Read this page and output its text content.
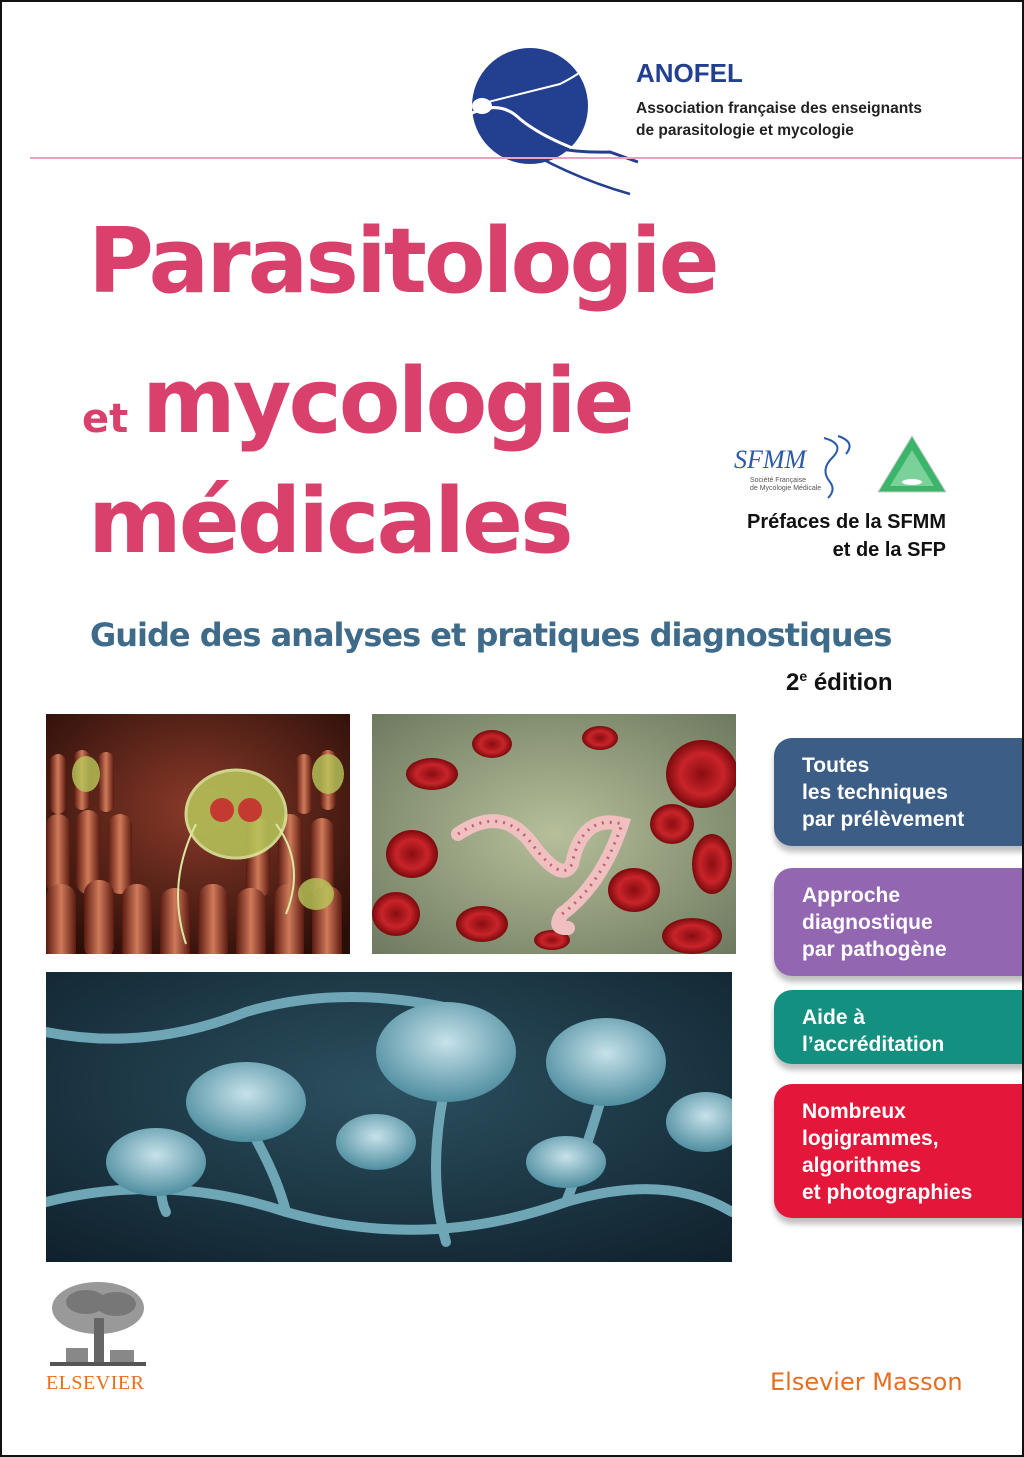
ANOFEL
Association française des enseignants
de parasitologie et mycologie
Parasitologie
et mycologie
médicales
SFMM
Société Française
de Mycologie Médicale
Préfaces de la SFMM
et de la SFP
Guide des analyses et pratiques diagnostiques
2e édition
Toutes
les techniques
par prélèvement
Approche
diagnostique
par pathogène
Aide à
l’accréditation
Nombreux
logigrammes,
algorithmes
et photographies
ELSEVIER	Elsevier Masson
